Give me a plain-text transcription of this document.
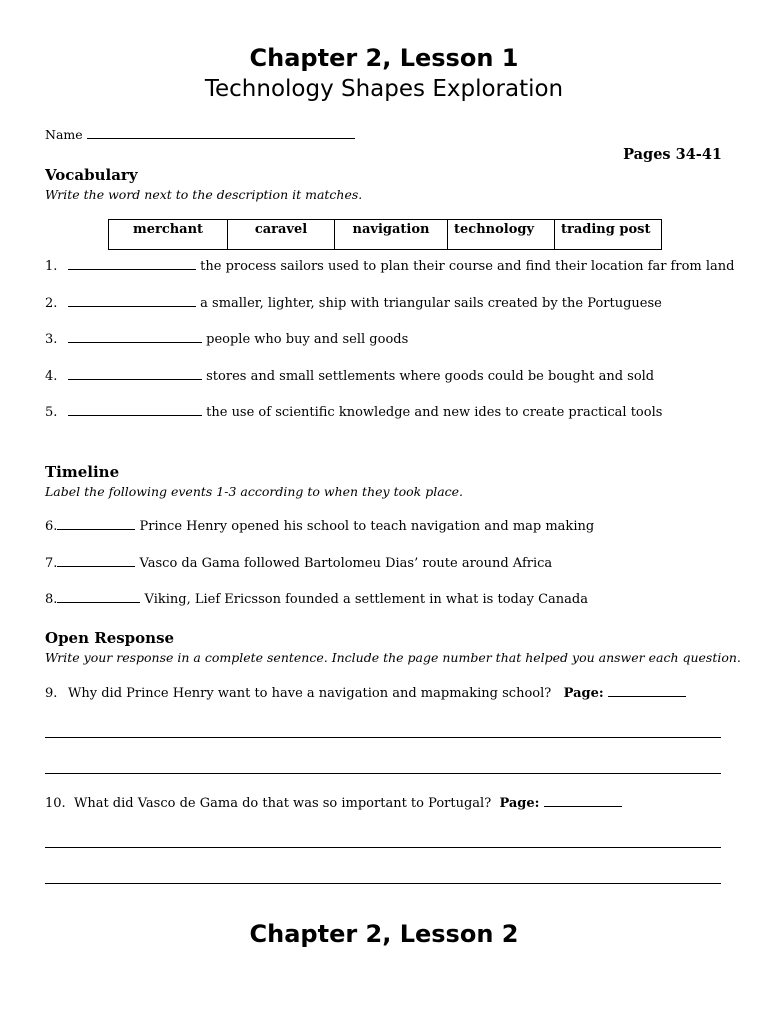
Chapter 2, Lesson 1
Technology Shapes Exploration
Name
Pages 34-41
Vocabulary
Write the word next to the description it matches.
merchant	caravel	navigation	technology	trading post
1.	the process sailors used to plan their course and find their location far from land
2.	a smaller, lighter, ship with triangular sails created by the Portuguese
3.	people who buy and sell goods
4.	stores and small settlements where goods could be bought and sold
5.	the use of scientific knowledge and new ides to create practical tools
Timeline
Label the following events 1-3 according to when they took place.
6.	Prince Henry opened his school to teach navigation and map making
7.	Vasco da Gama followed Bartolomeu Dias’ route around Africa
8.	Viking, Lief Ericsson founded a settlement in what is today Canada
Open Response
Write your response in a complete sentence. Include the page number that helped you answer each question.
9. Why did Prince Henry want to have a navigation and mapmaking school? Page:
10. What did Vasco de Gama do that was so important to Portugal? Page:
Chapter 2, Lesson 2
